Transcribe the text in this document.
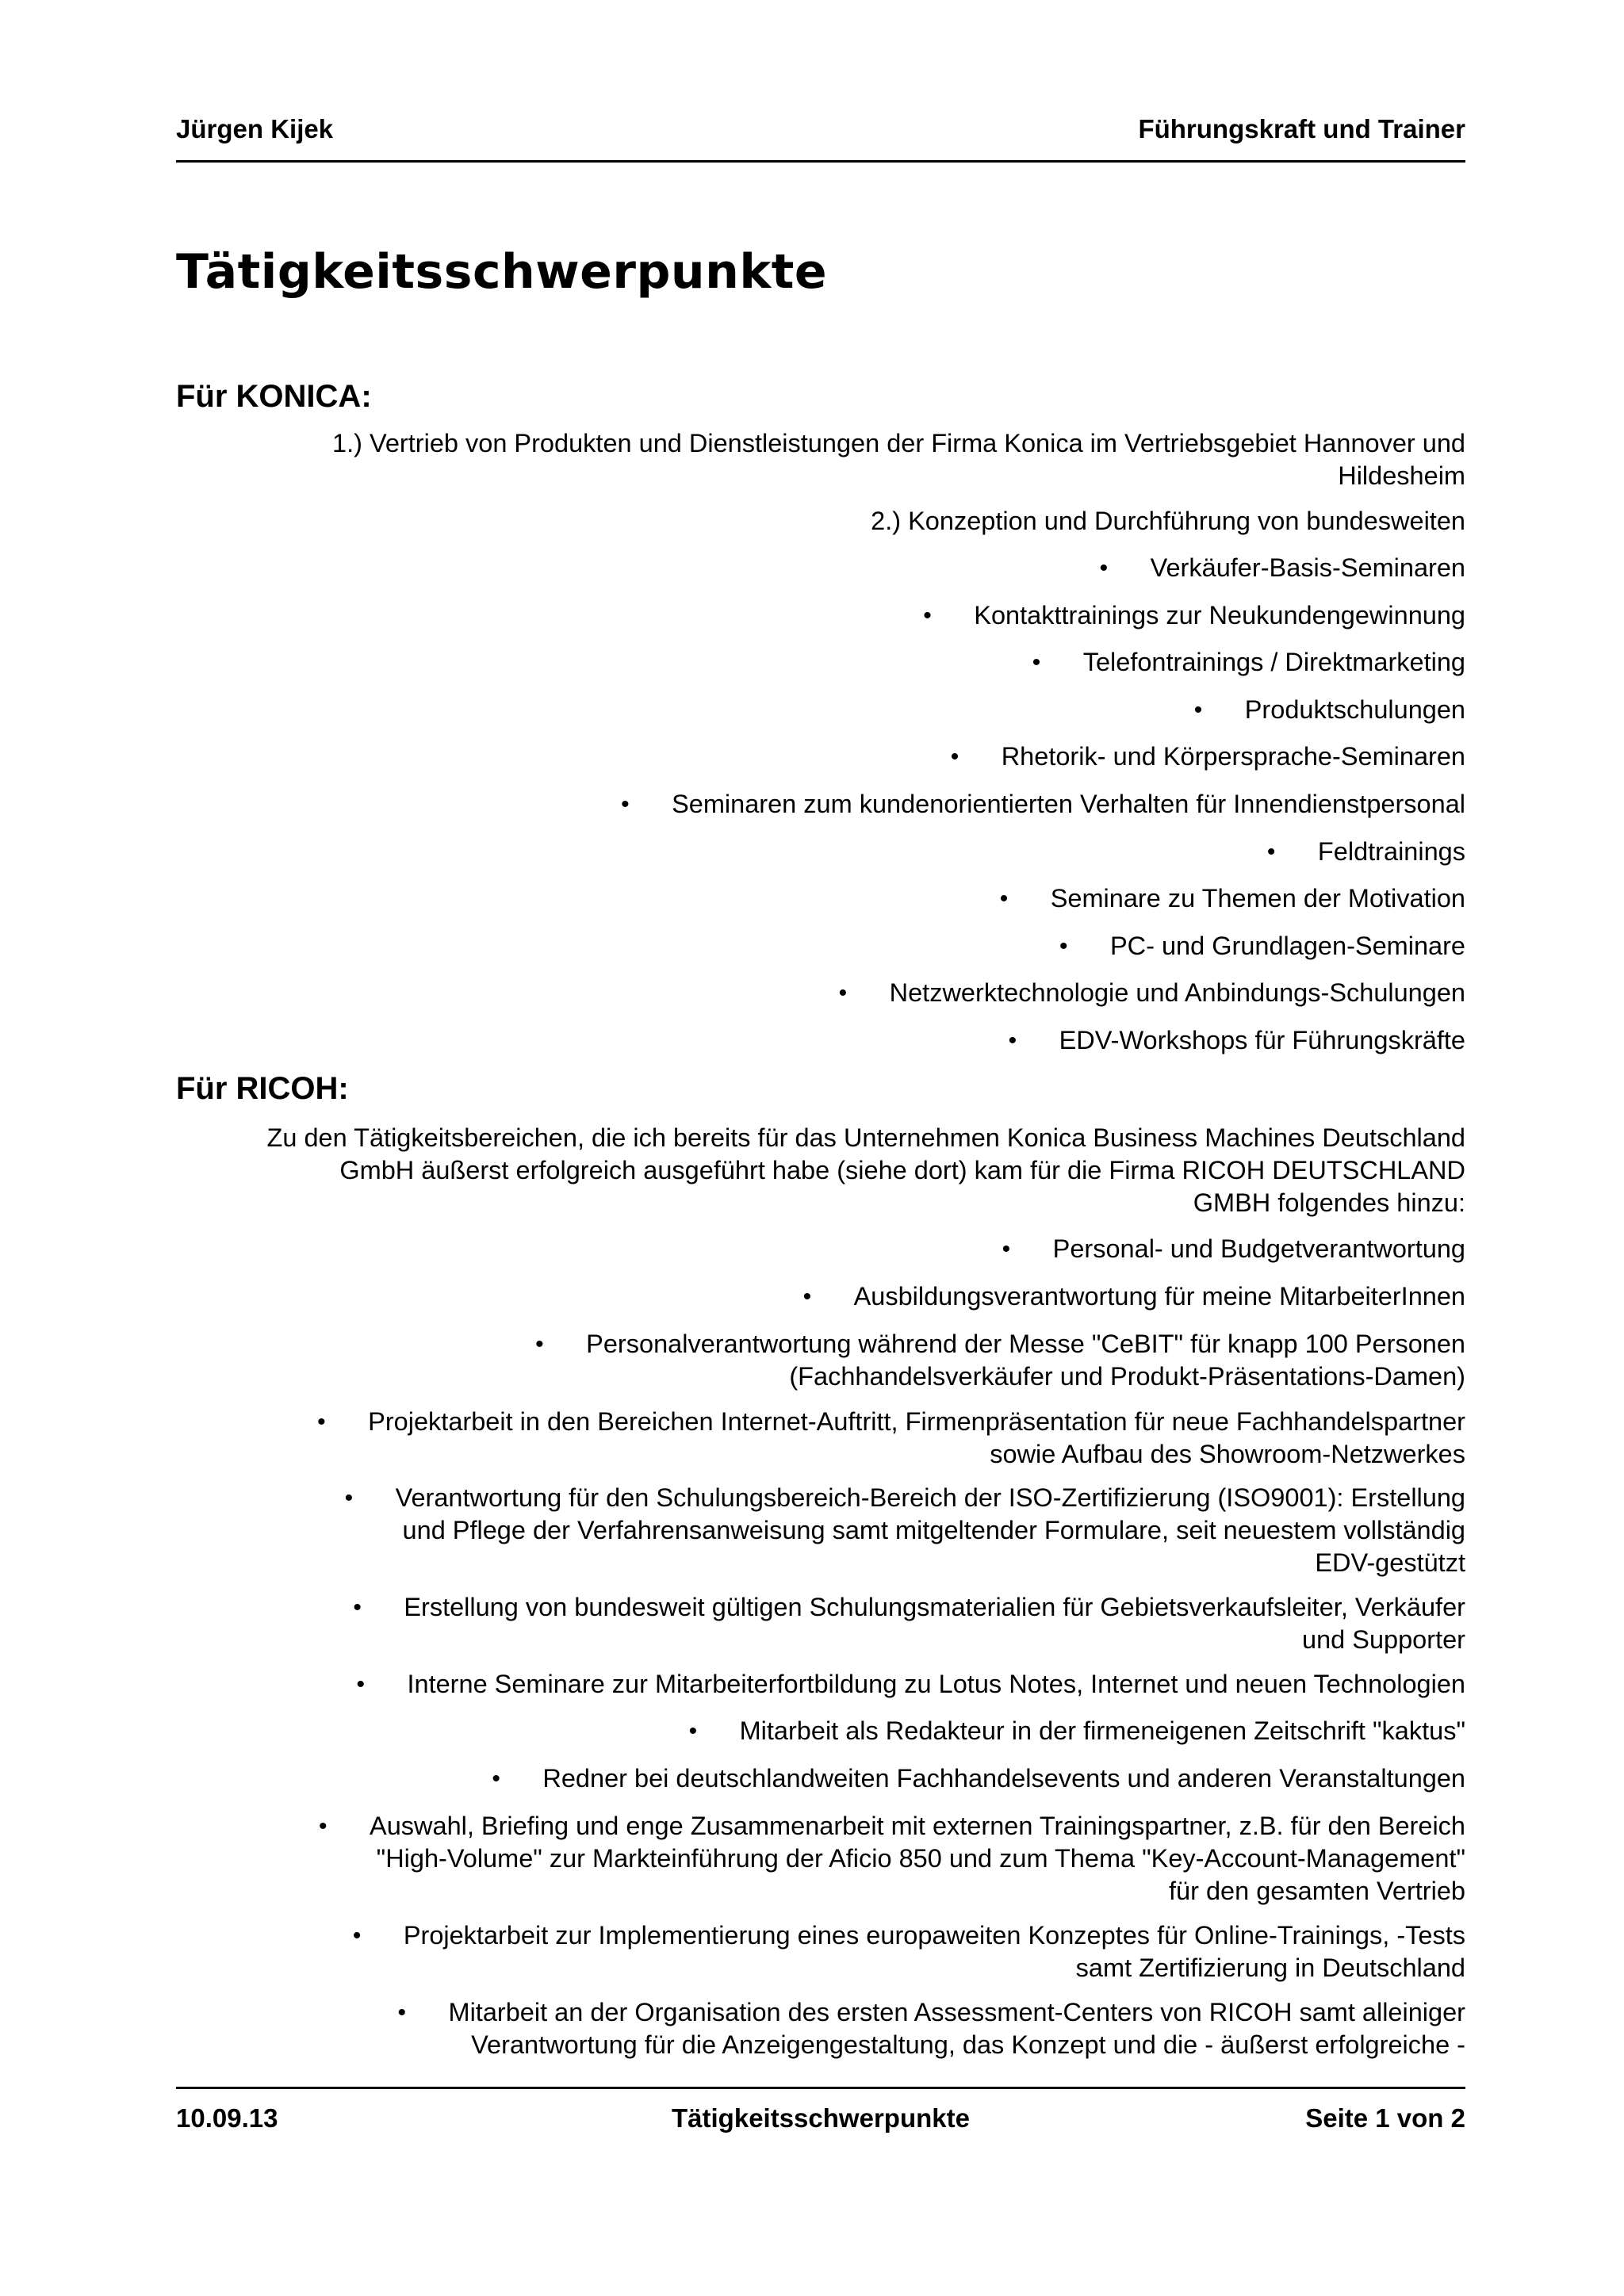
Jürgen Kijek	Führungskraft und Trainer
Tätigkeitsschwerpunkte
Für KONICA:
1.) Vertrieb von Produkten und Dienstleistungen der Firma Konica im Vertriebsgebiet Hannover und
Hildesheim
2.) Konzeption und Durchführung von bundesweiten
•	Verkäufer-Basis-Seminaren
•	Kontakttrainings zur Neukundengewinnung
•	Telefontrainings / Direktmarketing
•	Produktschulungen
•	Rhetorik- und Körpersprache-Seminaren
•	Seminaren zum kundenorientierten Verhalten für Innendienstpersonal
•	Feldtrainings
•	Seminare zu Themen der Motivation
•	PC- und Grundlagen-Seminare
•	Netzwerktechnologie und Anbindungs-Schulungen
•	EDV-Workshops für Führungskräfte
Für RICOH:
Zu den Tätigkeitsbereichen, die ich bereits für das Unternehmen Konica Business Machines Deutschland
GmbH äußerst erfolgreich ausgeführt habe (siehe dort) kam für die Firma RICOH DEUTSCHLAND
GMBH folgendes hinzu:
•	Personal- und Budgetverantwortung
•	Ausbildungsverantwortung für meine MitarbeiterInnen
•	Personalverantwortung während der Messe "CeBIT" für knapp 100 Personen
(Fachhandelsverkäufer und Produkt-Präsentations-Damen)
•	Projektarbeit in den Bereichen Internet-Auftritt, Firmenpräsentation für neue Fachhandelspartner
sowie Aufbau des Showroom-Netzwerkes
•	Verantwortung für den Schulungsbereich-Bereich der ISO-Zertifizierung (ISO9001): Erstellung
und Pflege der Verfahrensanweisung samt mitgeltender Formulare, seit neuestem vollständig
EDV-gestützt
•	Erstellung von bundesweit gültigen Schulungsmaterialien für Gebietsverkaufsleiter, Verkäufer
und Supporter
•	Interne Seminare zur Mitarbeiterfortbildung zu Lotus Notes, Internet und neuen Technologien
•	Mitarbeit als Redakteur in der firmeneigenen Zeitschrift "kaktus"
•	Redner bei deutschlandweiten Fachhandelsevents und anderen Veranstaltungen
•	Auswahl, Briefing und enge Zusammenarbeit mit externen Trainingspartner, z.B. für den Bereich
"High-Volume" zur Markteinführung der Aficio 850 und zum Thema "Key-Account-Management"
für den gesamten Vertrieb
•	Projektarbeit zur Implementierung eines europaweiten Konzeptes für Online-Trainings, -Tests
samt Zertifizierung in Deutschland
•	Mitarbeit an der Organisation des ersten Assessment-Centers von RICOH samt alleiniger
Verantwortung für die Anzeigengestaltung, das Konzept und die - äußerst erfolgreiche -
10.09.13	Tätigkeitsschwerpunkte	Seite 1 von 2
